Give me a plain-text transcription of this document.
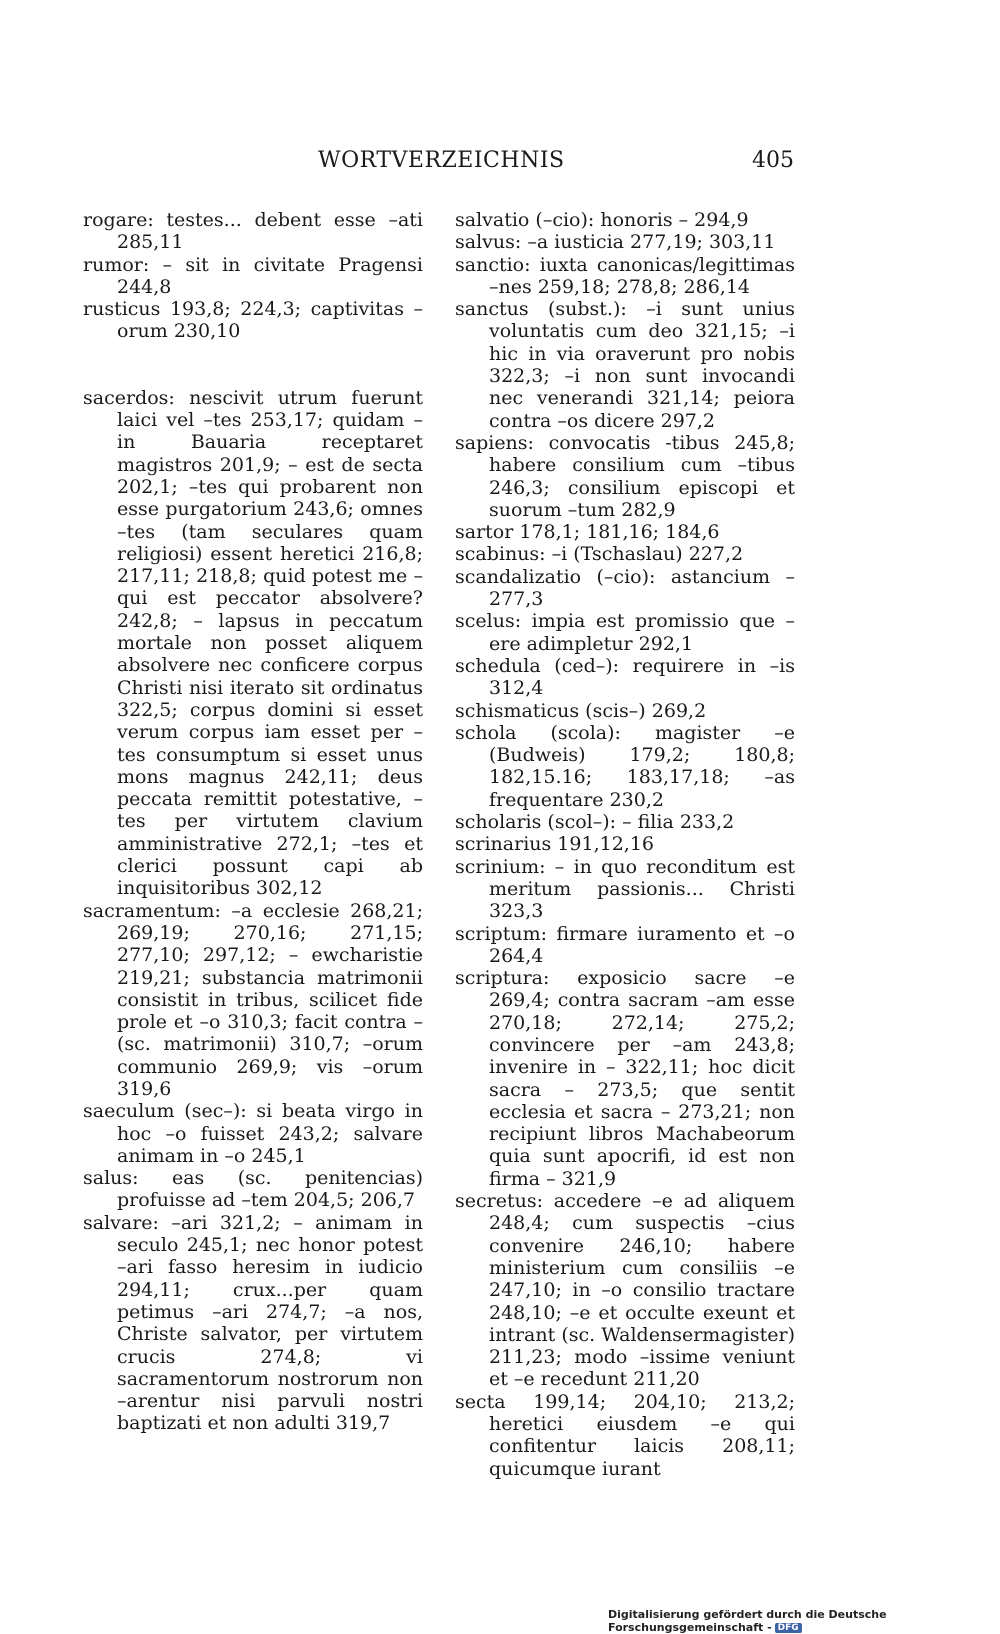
WORTVERZEICHNIS	405
rogare: testes... debent esse –ati 285,11
rumor: – sit in civitate Pragensi 244,8
rusticus 193,8; 224,3; captivitas –orum 230,10
sacerdos: nescivit utrum fuerunt laici vel –tes 253,17; quidam – in Bauaria receptaret magistros 201,9; – est de secta 202,1; –tes qui probarent non esse purgatorium 243,6; omnes –tes (tam seculares quam religiosi) essent heretici 216,8; 217,11; 218,8; quid potest me – qui est peccator absolvere? 242,8; – lapsus in peccatum mortale non posset aliquem absolvere nec conficere corpus Christi nisi iterato sit ordinatus 322,5; corpus domini si esset verum corpus iam esset per –tes consumptum si esset unus mons magnus 242,11; deus peccata remittit potestative, –tes per virtutem clavium amministrative 272,1; –tes et clerici possunt capi ab inquisitoribus 302,12
sacramentum: –a ecclesie 268,21; 269,19; 270,16; 271,15; 277,10; 297,12; – ewcharistie 219,21; substancia matrimonii consistit in tribus, scilicet fide prole et –o 310,3; facit contra – (sc. matrimonii) 310,7; –orum communio 269,9; vis –orum 319,6
saeculum (sec–): si beata virgo in hoc –o fuisset 243,2; salvare animam in –o 245,1
salus: eas (sc. penitencias) profuisse ad –tem 204,5; 206,7
salvare: –ari 321,2; – animam in seculo 245,1; nec honor potest –ari fasso heresim in iudicio 294,11; crux...per quam petimus –ari 274,7; –a nos, Christe salvator, per virtutem crucis 274,8; vi sacramentorum nostrorum non –arentur nisi parvuli nostri baptizati et non adulti 319,7
salvatio (–cio): honoris – 294,9
salvus: –a iusticia 277,19; 303,11
sanctio: iuxta canonicas/legittimas –nes 259,18; 278,8; 286,14
sanctus (subst.): –i sunt unius voluntatis cum deo 321,15; –i hic in via oraverunt pro nobis 322,3; –i non sunt invocandi nec venerandi 321,14; peiora contra –os dicere 297,2
sapiens: convocatis -tibus 245,8; habere consilium cum –tibus 246,3; consilium episcopi et suorum –tum 282,9
sartor 178,1; 181,16; 184,6
scabinus: –i (Tschaslau) 227,2
scandalizatio (–cio): astancium – 277,3
scelus: impia est promissio que –ere adimpletur 292,1
schedula (ced–): requirere in –is 312,4
schismaticus (scis–) 269,2
schola (scola): magister –e (Budweis) 179,2; 180,8; 182,15.16; 183,17,18; –as frequentare 230,2
scholaris (scol–): – filia 233,2
scrinarius 191,12,16
scrinium: – in quo reconditum est meritum passionis... Christi 323,3
scriptum: firmare iuramento et –o 264,4
scriptura: exposicio sacre –e 269,4; contra sacram –am esse 270,18; 272,14; 275,2; convincere per –am 243,8; invenire in – 322,11; hoc dicit sacra – 273,5; que sentit ecclesia et sacra – 273,21; non recipiunt libros Machabeorum quia sunt apocrifi, id est non firma – 321,9
secretus: accedere –e ad aliquem 248,4; cum suspectis –cius convenire 246,10; habere ministerium cum consiliis –e 247,10; in –o consilio tractare 248,10; –e et occulte exeunt et intrant (sc. Waldensermagister) 211,23; modo –issime veniunt et –e recedunt 211,20
secta 199,14; 204,10; 213,2; heretici eiusdem –e qui confitentur laicis 208,11; quicumque iurant
Digitalisierung gefördert durch die Deutsche Forschungsgemeinschaft - DFG
